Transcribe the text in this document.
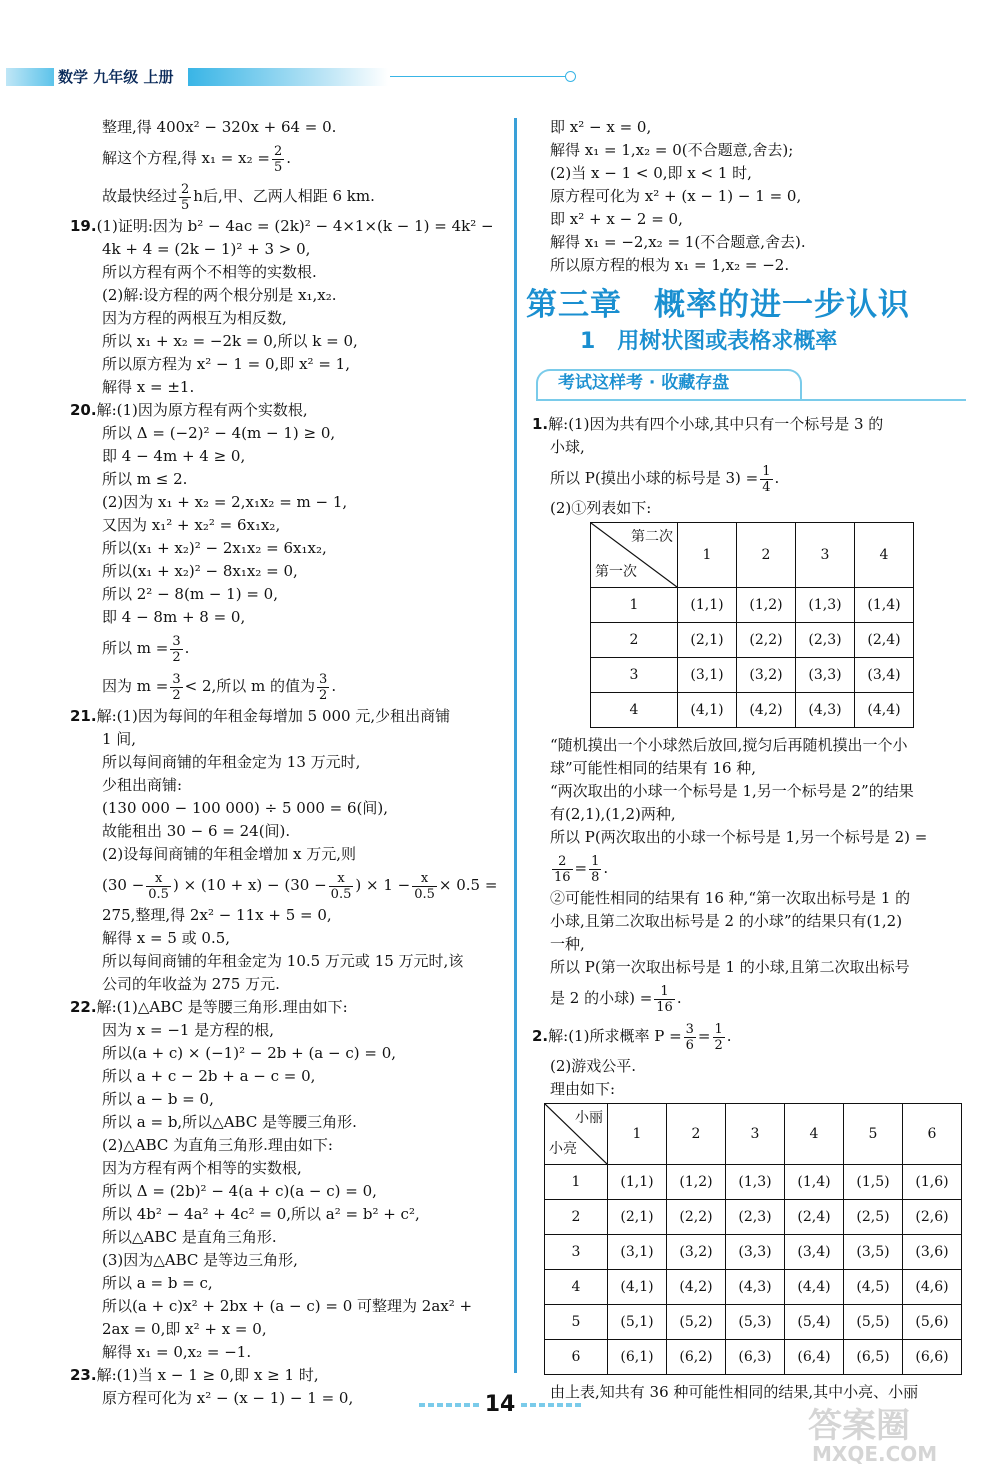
数学 九年级 上册

整理,得 400x² − 320x + 64 = 0.

解这个方程,得 $x_1 = x_2 = \frac{2}{5}$ .

故最快经过 $\frac{2}{5}$ h后,甲、乙两人相距 6 km.

19.(1)证明:因为 b² − 4ac = (2k)² − 4×1×(k − 1) = 4k² −

4k + 4 = (2k − 1)² + 3 > 0,

所以方程有两个不相等的实数根.

(2)解:设方程的两个根分别是 x₁,x₂.

因为方程的两根互为相反数,

所以 x₁ + x₂ = −2k = 0,所以 k = 0,

所以原方程为 x² − 1 = 0,即 x² = 1,

解得 x = ±1.

20.解:(1)因为原方程有两个实数根,

所以 Δ = (−2)² − 4(m − 1) ≥ 0,

即 4 − 4m + 4 ≥ 0,

所以 m ≤ 2.

(2)因为 x₁ + x₂ = 2,x₁x₂ = m − 1,

又因为 x₁² + x₂² = 6x₁x₂,

所以(x₁ + x₂)² − 2x₁x₂ = 6x₁x₂,

所以(x₁ + x₂)² − 8x₁x₂ = 0,

所以 2² − 8(m − 1) = 0,

即 4 − 8m + 8 = 0,

所以 $m = \frac{3}{2}$ .

因为 $m = \frac{3}{2} < 2$,所以 m 的值为 $\frac{3}{2}$ .

21.解:(1)因为每间的年租金每增加 5 000 元,少租出商铺

1 间,

所以每间商铺的年租金定为 13 万元时,

少租出商铺:

(130 000 − 100 000) ÷ 5 000 = 6(间),

故能租出 30 − 6 = 24(间).

(2)设每间商铺的年租金增加 x 万元,则

($30 - \frac{x}{0.5}$ ) × $(10 + x) - (30 - \frac{x}{0.5}$ ) × $1 - \frac{x}{0.5} \times 0.5$ =

275,整理,得 2x² − 11x + 5 = 0,

解得 x = 5 或 0.5,

所以每间商铺的年租金定为 10.5 万元或 15 万元时,该

公司的年收益为 275 万元.

22.解:(1)△ABC 是等腰三角形.理由如下:

因为 x = −1 是方程的根,

所以(a + c) × (−1)² − 2b + (a − c) = 0,

所以 a + c − 2b + a − c = 0,

所以 a − b = 0,

所以 a = b,所以△ABC 是等腰三角形.

(2)△ABC 为直角三角形.理由如下:

因为方程有两个相等的实数根,

所以 Δ = (2b)² − 4(a + c)(a − c) = 0,

所以 4b² − 4a² + 4c² = 0,所以 a² = b² + c²,

所以△ABC 是直角三角形.

(3)因为△ABC 是等边三角形,

所以 a = b = c,

所以(a + c)x² + 2bx + (a − c) = 0 可整理为 2ax² +

2ax = 0,即 x² + x = 0,

解得 x₁ = 0,x₂ = −1.

23.解:(1)当 x − 1 ≥ 0,即 x ≥ 1 时,

原方程可化为 x² − (x − 1) − 1 = 0,

即 x² − x = 0,

解得 x₁ = 1,x₂ = 0(不合题意,舍去);

(2)当 x − 1 < 0,即 x < 1 时,

原方程可化为 x² + (x − 1) − 1 = 0,

即 x² + x − 2 = 0,

解得 x₁ = −2,x₂ = 1(不合题意,舍去).

所以原方程的根为 x₁ = 1,x₂ = −2.

第三章　概率的进一步认识
1　用树状图或表格求概率
考试这样考 · 收藏存盘

1.解:(1)因为共有四个小球,其中只有一个标号是 3 的

小球,

所以 P(摸出小球的标号是 $3) = \frac{1}{4}$ .

(2)①列表如下:

第二次
第一次	1	2	3	4
1	(1,1)	(1,2)	(1,3)	(1,4)
2	(2,1)	(2,2)	(2,3)	(2,4)
3	(3,1)	(3,2)	(3,3)	(3,4)
4	(4,1)	(4,2)	(4,3)	(4,4)

“随机摸出一个小球然后放回,搅匀后再随机摸出一个小

球”可能性相同的结果有 16 种,

“两次取出的小球一个标号是 1,另一个标号是 2”的结果

有(2,1),(1,2)两种,

所以 P(两次取出的小球一个标号是 1,另一个标号是 2) =

$\frac{2}{16} = \frac{1}{8}$ .

②可能性相同的结果有 16 种,“第一次取出标号是 1 的

小球,且第二次取出标号是 2 的小球”的结果只有(1,2)

一种,

所以 P(第一次取出标号是 1 的小球,且第二次取出标号

是 2 的小球) = $\frac{1}{16}$ .

2.解:(1)所求概率 $P = \frac{3}{6} = \frac{1}{2}$ .

(2)游戏公平.

理由如下:

小丽
小亮	1	2	3	4	5	6
1	(1,1)	(1,2)	(1,3)	(1,4)	(1,5)	(1,6)
2	(2,1)	(2,2)	(2,3)	(2,4)	(2,5)	(2,6)
3	(3,1)	(3,2)	(3,3)	(3,4)	(3,5)	(3,6)
4	(4,1)	(4,2)	(4,3)	(4,4)	(4,5)	(4,6)
5	(5,1)	(5,2)	(5,3)	(5,4)	(5,5)	(5,6)
6	(6,1)	(6,2)	(6,3)	(6,4)	(6,5)	(6,6)

由上表,知共有 36 种可能性相同的结果,其中小亮、小丽

14
答案圈
MXQE.COM
